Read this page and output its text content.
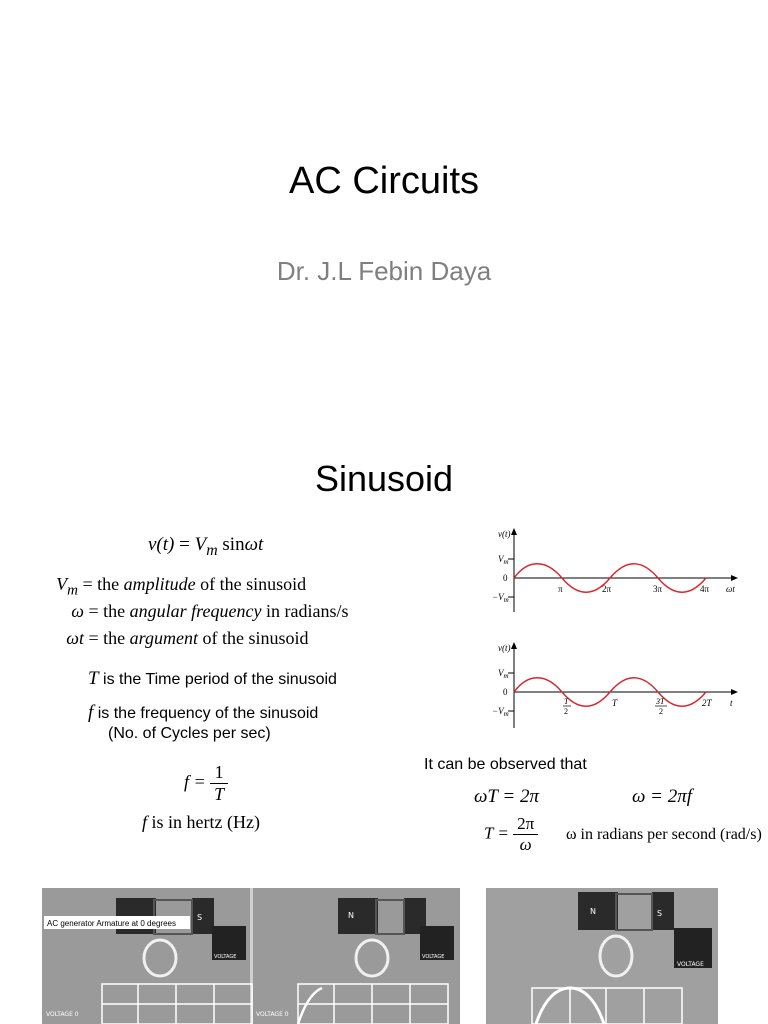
AC Circuits
Dr. J.L Febin Daya
Sinusoid
$v(t) = V_m$ sinωt
$V_m$ = the amplitude of the sinusoid
ω = the angular frequency in radians/s
ωt = the argument of the sinusoid
T is the Time period of the sinusoid
f is the frequency of the sinusoid
(No. of Cycles per sec)
$f = \frac{1}{T}$
f is in hertz (Hz)
It can be observed that
ωT = 2π	ω = 2πf
$T = \frac{2\pi}{\omega}$ ω in radians per second (rad/s)
v(t)
$V_m$
0
$-V_m$
ωt
π	2π	3π	4π
v(t)
$V_m$
0
$-V_m$
t
T
2
T	3T
2
2T
S
VOLTAGE
VOLTAGE 0
AC generator Armature at 0 degrees
N
VOLTAGE
VOLTAGE 0
N	S
VOLTAGE
